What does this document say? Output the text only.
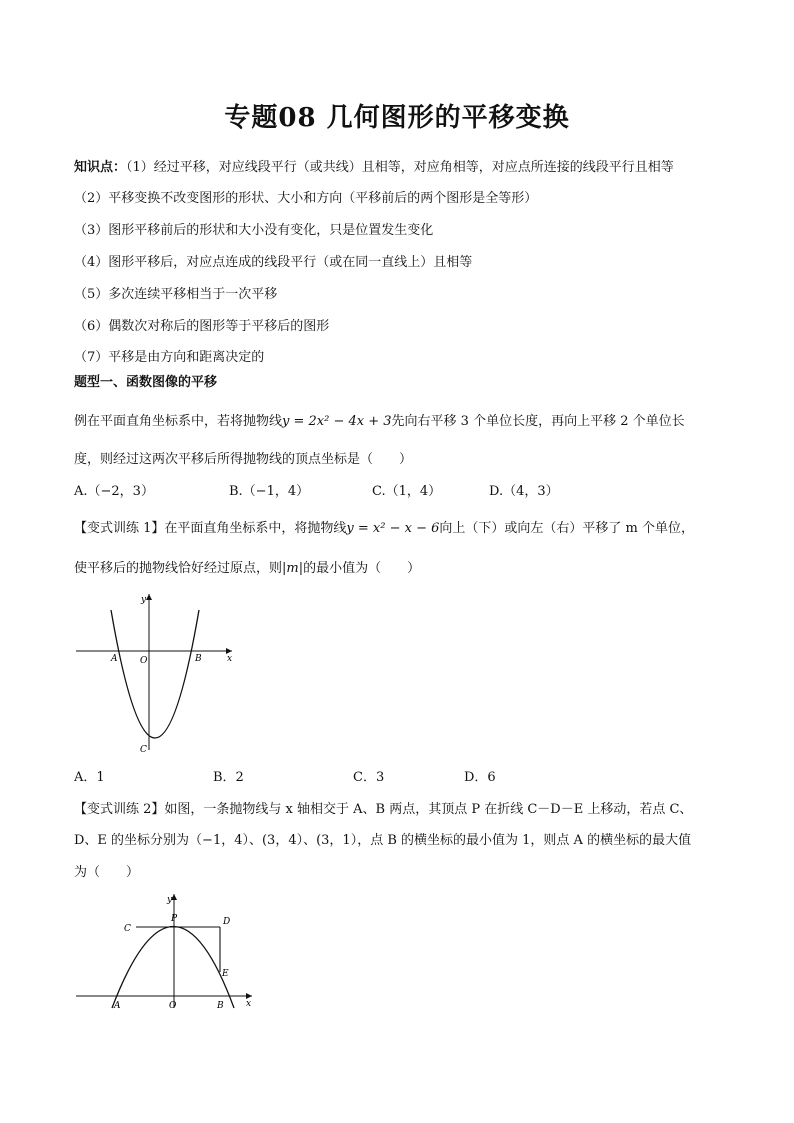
专题08 几何图形的平移变换
知识点：（1）经过平移，对应线段平行（或共线）且相等，对应角相等，对应点所连接的线段平行且相等
（2）平移变换不改变图形的形状、大小和方向（平移前后的两个图形是全等形）
（3）图形平移前后的形状和大小没有变化，只是位置发生变化
（4）图形平移后，对应点连成的线段平行（或在同一直线上）且相等
（5）多次连续平移相当于一次平移
（6）偶数次对称后的图形等于平移后的图形
（7）平移是由方向和距离决定的
题型一、函数图像的平移
例在平面直角坐标系中，若将抛物线y = 2x² − 4x + 3先向右平移 3 个单位长度，再向上平移 2 个单位长
度，则经过这两次平移后所得抛物线的顶点坐标是（　　）
A.（−2，3）	B.（−1，4）	C.（1，4）	D.（4，3）
【变式训练 1】在平面直角坐标系中，将抛物线y = x² − x − 6向上（下）或向左（右）平移了 m 个单位，
使平移后的抛物线恰好经过原点，则|m|的最小值为（　　）
y
x
O
A	B
C
A．1	B．2	C．3	D．6
【变式训练 2】如图，一条抛物线与 x 轴相交于 A、B 两点，其顶点 P 在折线 C－D－E 上移动，若点 C、
D、E 的坐标分别为（−1，4）、(3，4）、(3，1），点 B 的横坐标的最小值为 1，则点 A 的横坐标的最大值
为（　　）
y
x
O
A	B
C
D
E
P
